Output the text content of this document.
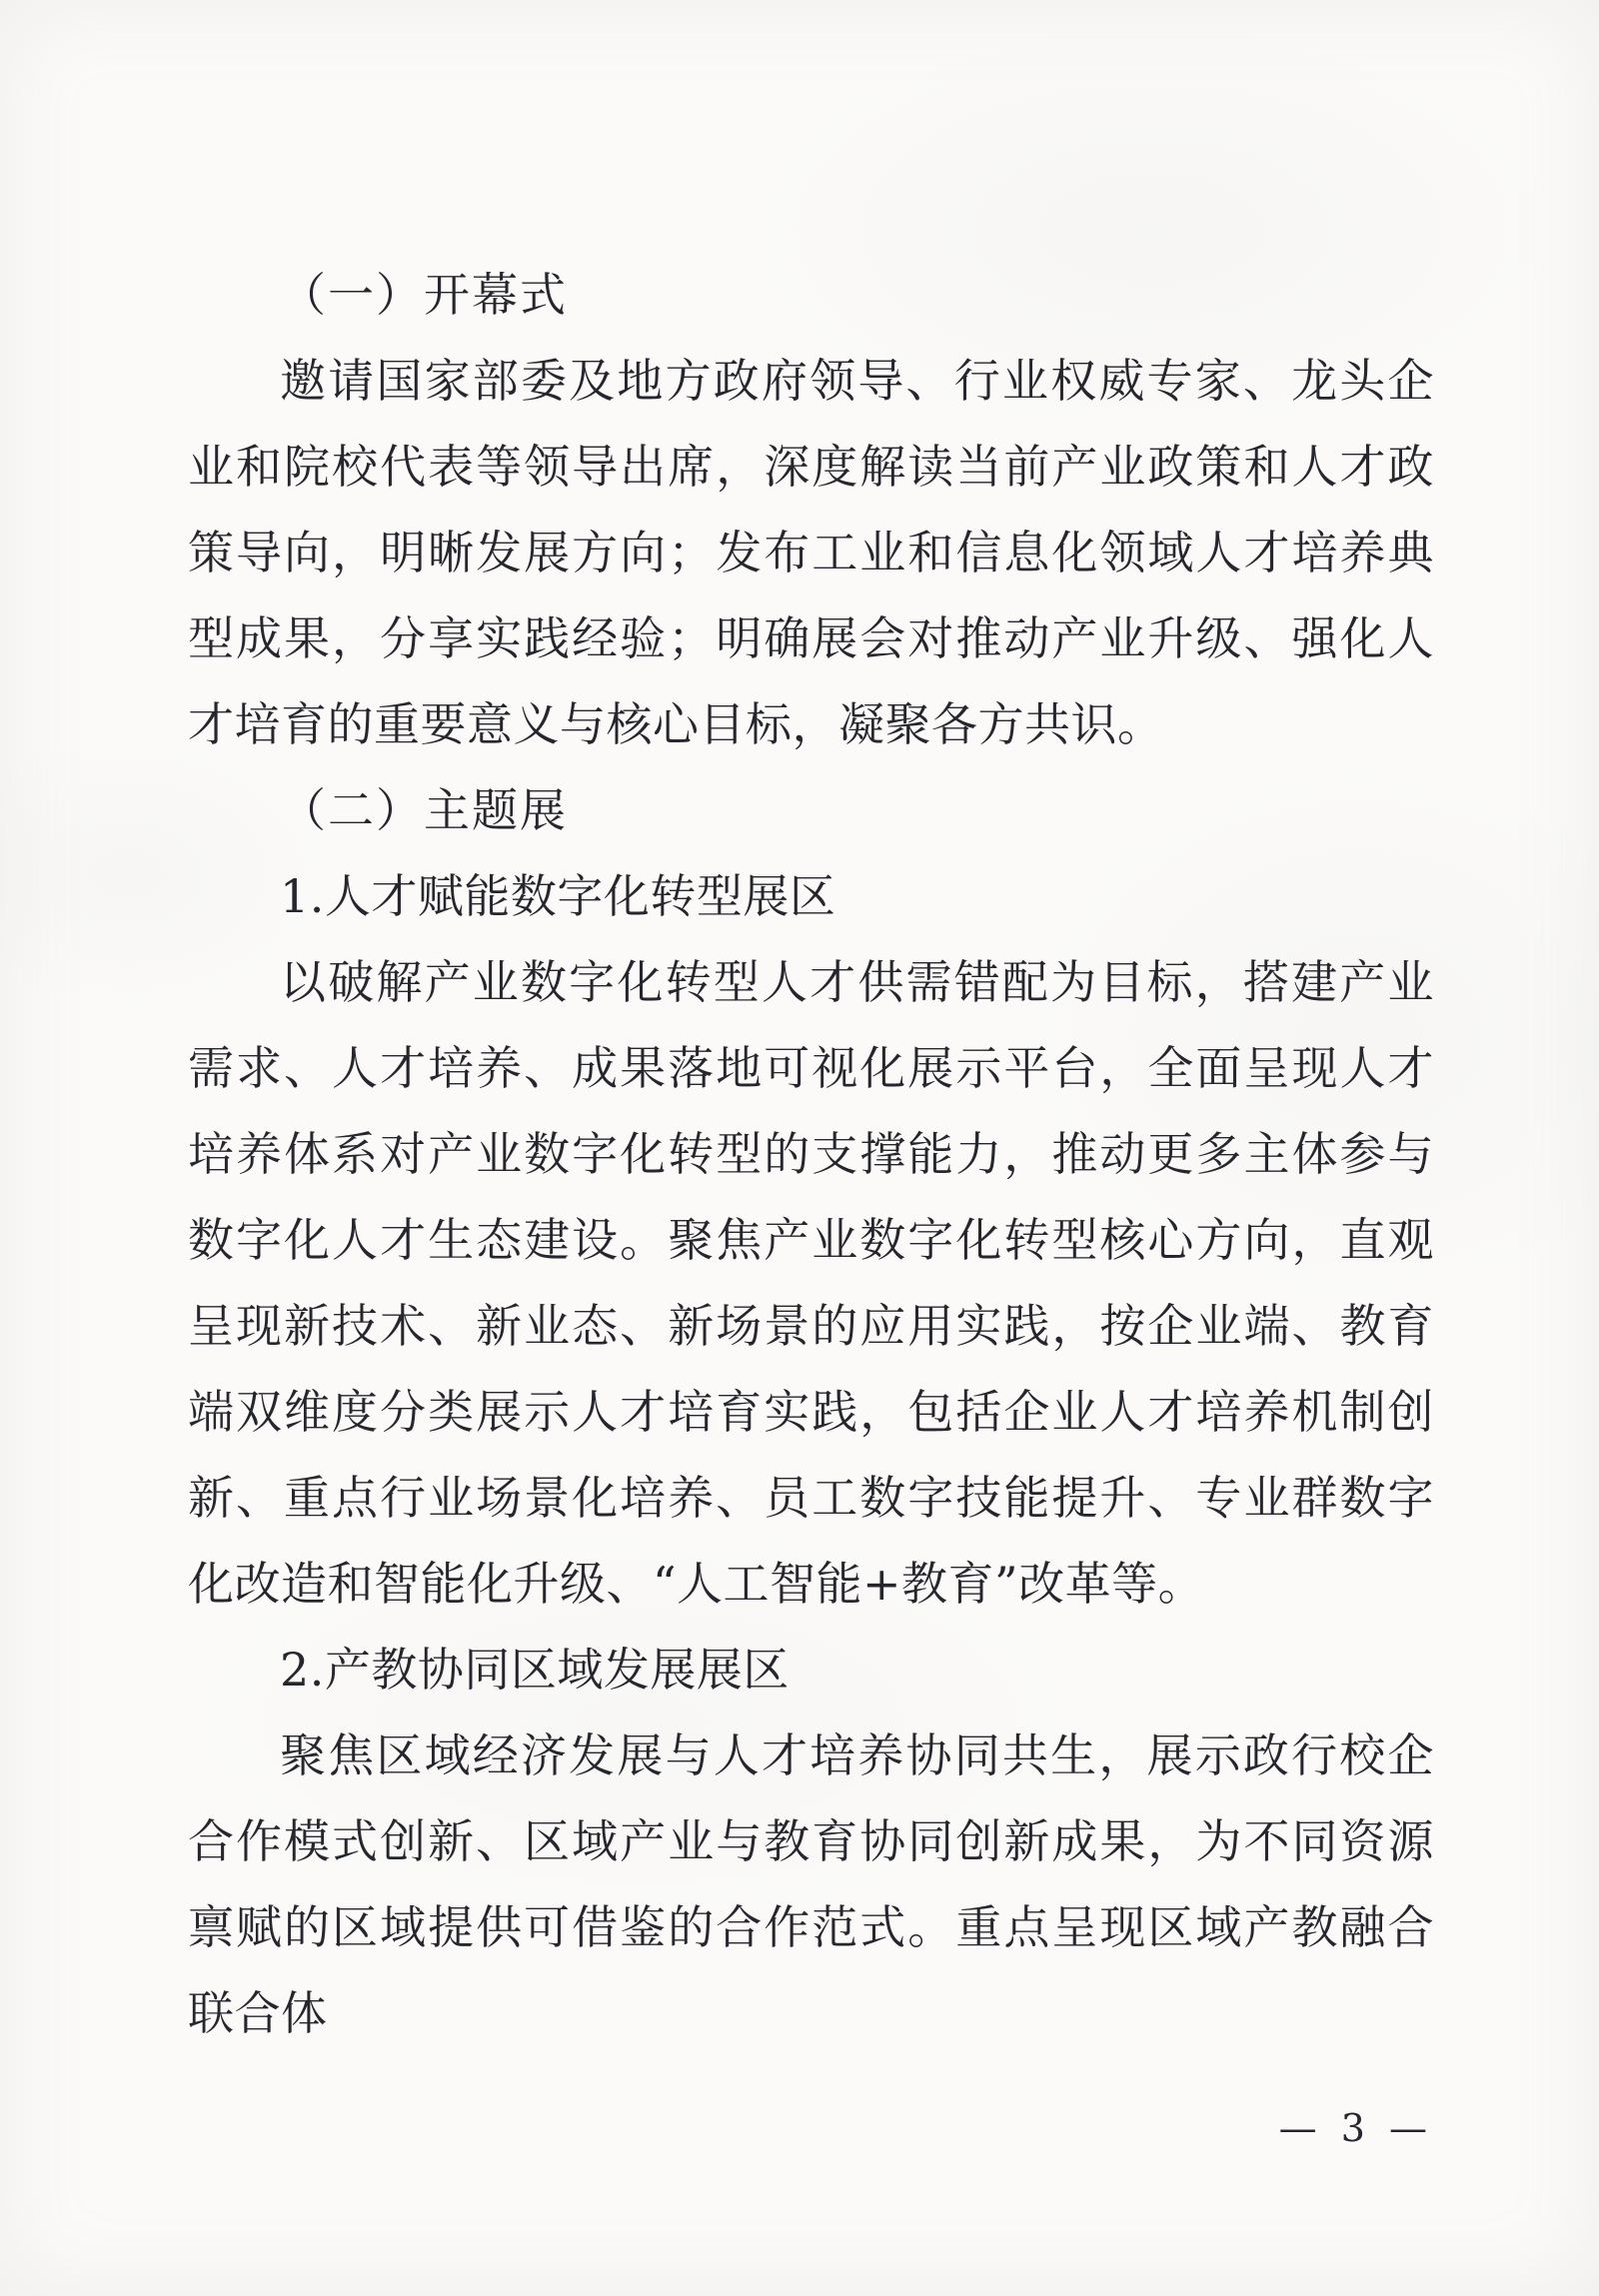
（一）开幕式

邀请国家部委及地方政府领导、行业权威专家、龙头企业和院校代表等领导出席，深度解读当前产业政策和人才政策导向，明晰发展方向；发布工业和信息化领域人才培养典型成果，分享实践经验；明确展会对推动产业升级、强化人才培育的重要意义与核心目标，凝聚各方共识。

（二）主题展

1.人才赋能数字化转型展区

以破解产业数字化转型人才供需错配为目标，搭建产业需求、人才培养、成果落地可视化展示平台，全面呈现人才培养体系对产业数字化转型的支撑能力，推动更多主体参与数字化人才生态建设。聚焦产业数字化转型核心方向，直观呈现新技术、新业态、新场景的应用实践，按企业端、教育端双维度分类展示人才培育实践，包括企业人才培养机制创新、重点行业场景化培养、员工数字技能提升、专业群数字化改造和智能化升级、“人工智能+教育”改革等。

2.产教协同区域发展展区

聚焦区域经济发展与人才培养协同共生，展示政行校企合作模式创新、区域产业与教育协同创新成果，为不同资源禀赋的区域提供可借鉴的合作范式。重点呈现区域产教融合联合体

— 3 —
